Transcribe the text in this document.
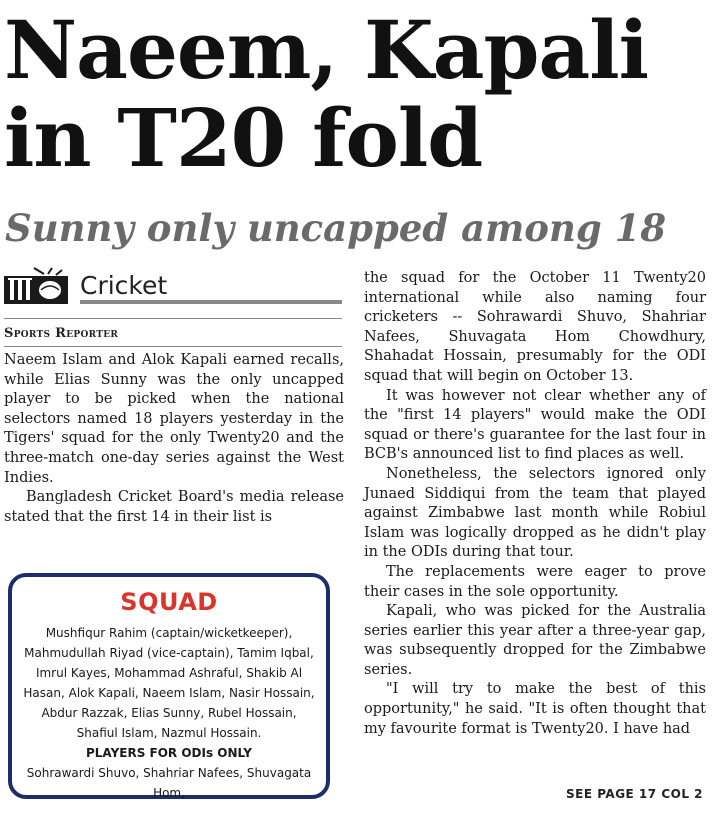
Naeem, Kapali
in T20 fold
Sunny only uncapped among 18
Cricket
Sports Reporter

Naeem Islam and Alok Kapali earned recalls, while Elias Sunny was the only uncapped player to be picked when the national selectors named 18 players yesterday in the Tigers' squad for the only Twenty20 and the three-match one-day series against the West Indies.

Bangladesh Cricket Board's media release stated that the first 14 in their list is

SQUAD

Mushfiqur Rahim (captain/wicketkeeper), Mahmudullah Riyad (vice-captain), Tamim Iqbal, Imrul Kayes, Mohammad Ashraful, Shakib Al Hasan, Alok Kapali, Naeem Islam, Nasir Hossain, Abdur Razzak, Elias Sunny, Rubel Hossain, Shafiul Islam, Nazmul Hossain.

PLAYERS FOR ODIs ONLY

Sohrawardi Shuvo, Shahriar Nafees, Shuvagata Hom,

the squad for the October 11 Twenty20 international while also naming four cricketers -- Sohrawardi Shuvo, Shahriar Nafees, Shuvagata Hom Chowdhury, Shahadat Hossain, presumably for the ODI squad that will begin on October 13.

It was however not clear whether any of the "first 14 players" would make the ODI squad or there's guarantee for the last four in BCB's announced list to find places as well.

Nonetheless, the selectors ignored only Junaed Siddiqui from the team that played against Zimbabwe last month while Robiul Islam was logically dropped as he didn't play in the ODIs during that tour.

The replacements were eager to prove their cases in the sole opportunity.

Kapali, who was picked for the Australia series earlier this year after a three-year gap, was subsequently dropped for the Zimbabwe series.

"I will try to make the best of this opportunity," he said. "It is often thought that my favourite format is Twenty20. I have had

SEE PAGE 17 COL 2
